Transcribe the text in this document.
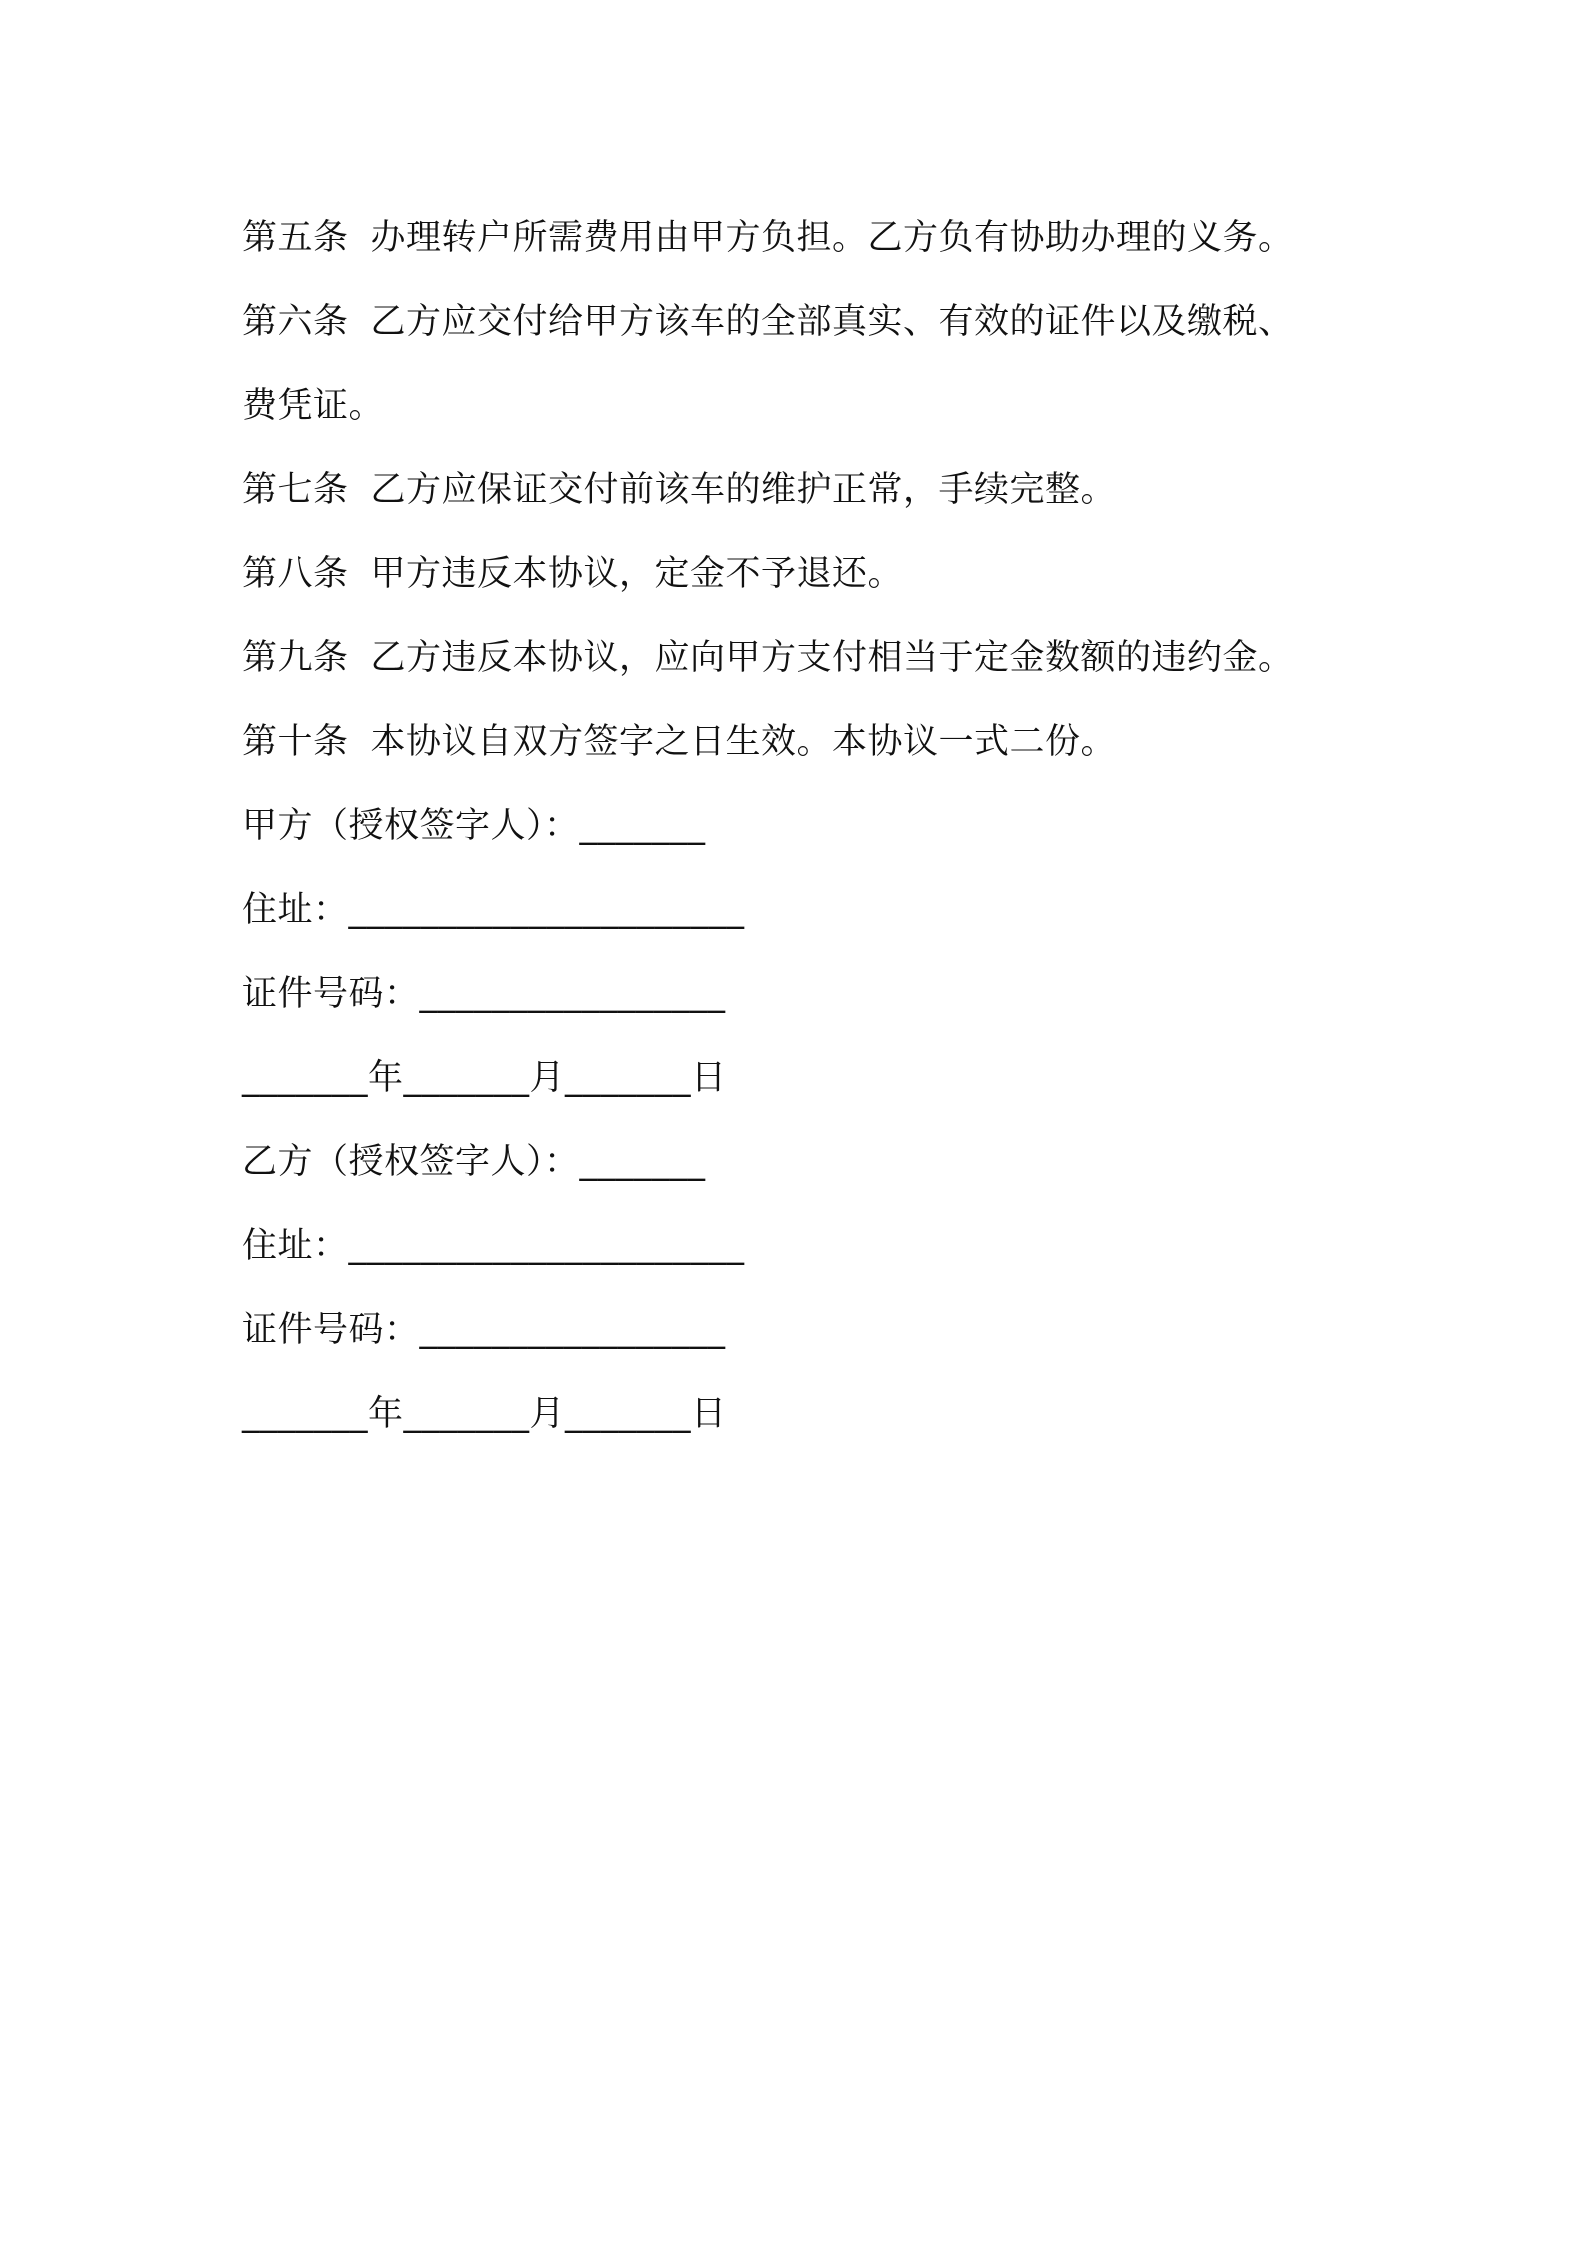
第五条 办理转户所需费用由甲方负担。乙方负有协助办理的义务。
第六条 乙方应交付给甲方该车的全部真实、有效的证件以及缴税、
费凭证。
第七条 乙方应保证交付前该车的维护正常，手续完整。
第八条 甲方违反本协议，定金不予退还。
第九条 乙方违反本协议，应向甲方支付相当于定金数额的违约金。
第十条 本协议自双方签字之日生效。本协议一式二份。
甲方（授权签字人）：_______
住址：______________________
证件号码：_________________
_______年_______月_______日
乙方（授权签字人）：_______
住址：______________________
证件号码：_________________
_______年_______月_______日
